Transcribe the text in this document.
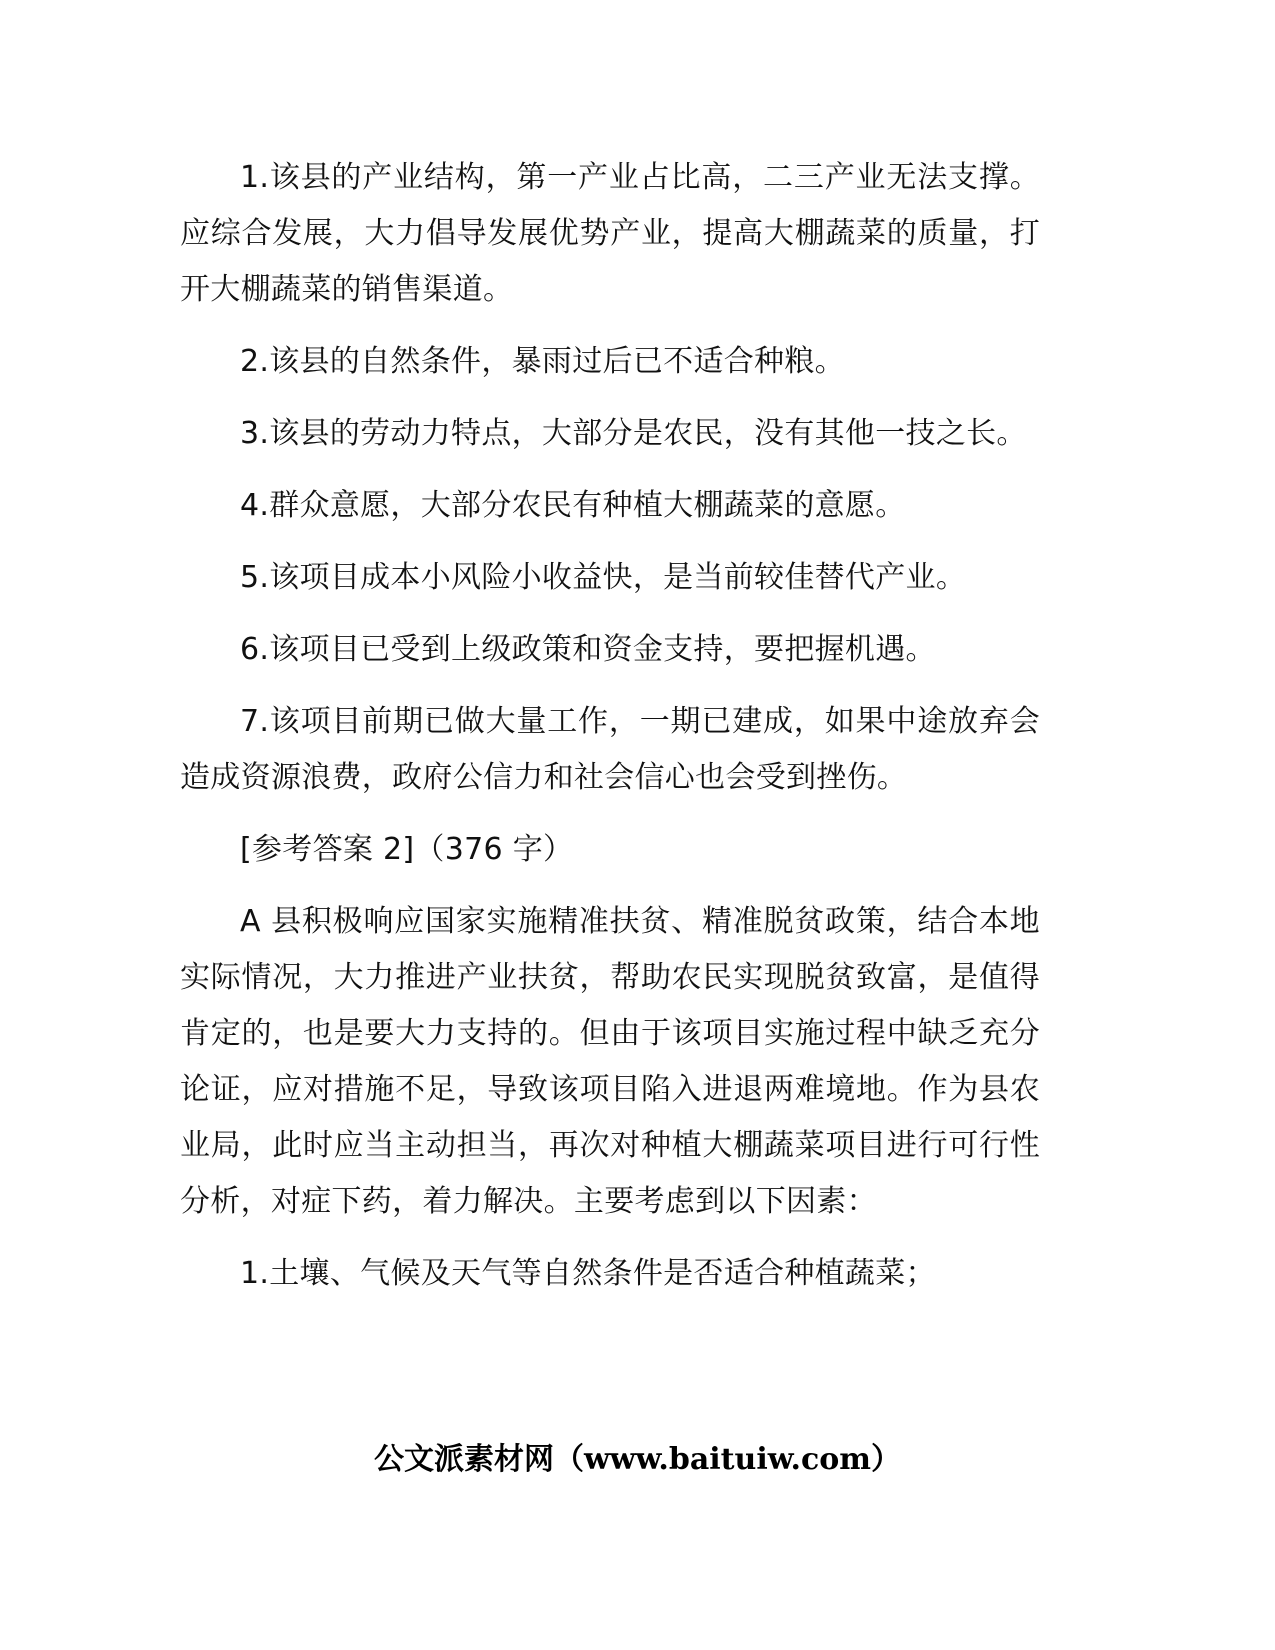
1.该县的产业结构，第一产业占比高，二三产业无法支撑。应综合发展，大力倡导发展优势产业，提高大棚蔬菜的质量，打开大棚蔬菜的销售渠道。

2.该县的自然条件，暴雨过后已不适合种粮。

3.该县的劳动力特点，大部分是农民，没有其他一技之长。

4.群众意愿，大部分农民有种植大棚蔬菜的意愿。

5.该项目成本小风险小收益快，是当前较佳替代产业。

6.该项目已受到上级政策和资金支持，要把握机遇。

7.该项目前期已做大量工作，一期已建成，如果中途放弃会造成资源浪费，政府公信力和社会信心也会受到挫伤。

[参考答案 2]（376 字）

A 县积极响应国家实施精准扶贫、精准脱贫政策，结合本地实际情况，大力推进产业扶贫，帮助农民实现脱贫致富，是值得肯定的，也是要大力支持的。但由于该项目实施过程中缺乏充分论证，应对措施不足，导致该项目陷入进退两难境地。作为县农业局，此时应当主动担当，再次对种植大棚蔬菜项目进行可行性分析，对症下药，着力解决。主要考虑到以下因素：

1.土壤、气候及天气等自然条件是否适合种植蔬菜；

公文派素材网（www.baituiw.com）
